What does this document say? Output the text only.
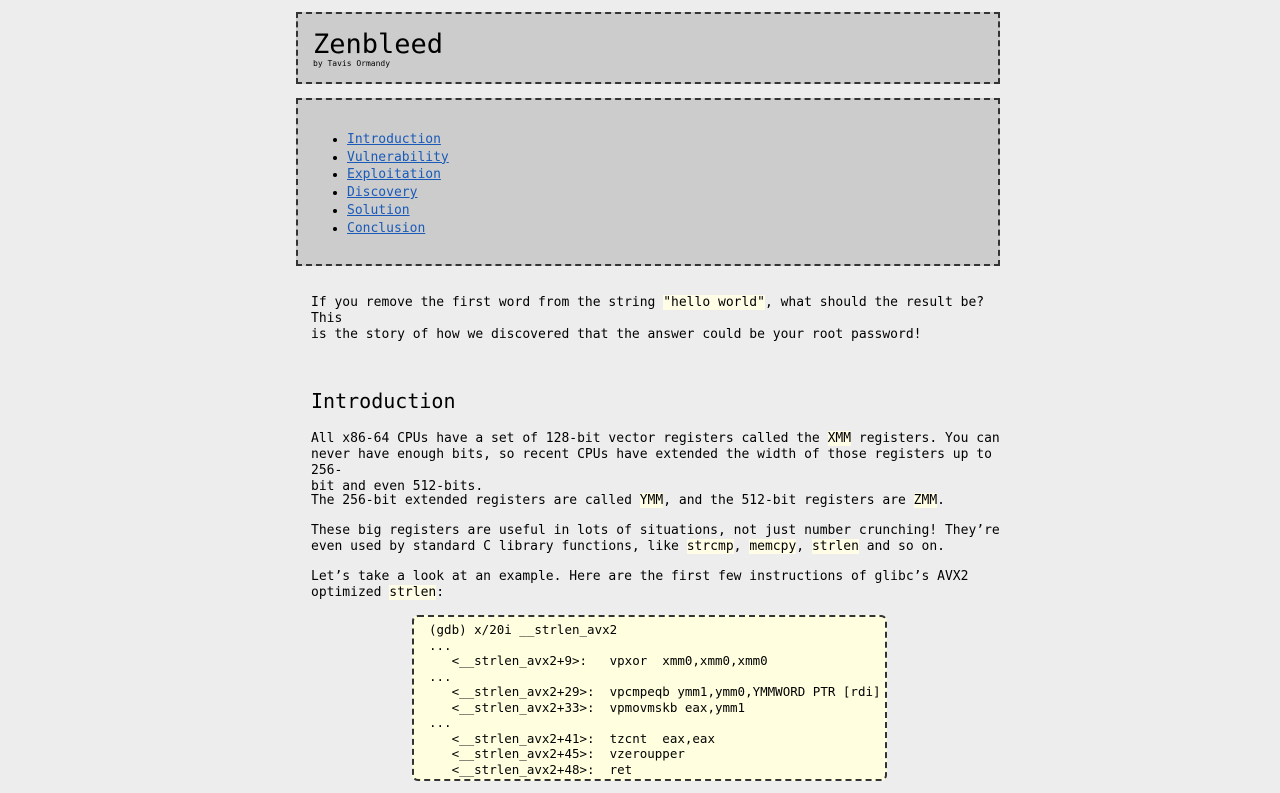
Zenbleed
by Tavis Ormandy
• Introduction
• Vulnerability
• Exploitation
• Discovery
• Solution
• Conclusion

If you remove the first word from the string "hello world", what should the result be? This
is the story of how we discovered that the answer could be your root password!

Introduction

All x86-64 CPUs have a set of 128-bit vector registers called the XMM registers. You can
never have enough bits, so recent CPUs have extended the width of those registers up to 256-
bit and even 512-bits.

The 256-bit extended registers are called YMM, and the 512-bit registers are ZMM.

These big registers are useful in lots of situations, not just number crunching! They’re
even used by standard C library functions, like strcmp, memcpy, strlen and so on.

Let’s take a look at an example. Here are the first few instructions of glibc’s AVX2
optimized strlen:

(gdb) x/20i __strlen_avx2
...
<__strlen_avx2+9>:   vpxor  xmm0,xmm0,xmm0
...
<__strlen_avx2+29>:  vpcmpeqb ymm1,ymm0,YMMWORD PTR [rdi]
<__strlen_avx2+33>:  vpmovmskb eax,ymm1
...
<__strlen_avx2+41>:  tzcnt  eax,eax
<__strlen_avx2+45>:  vzeroupper
<__strlen_avx2+48>:  ret
